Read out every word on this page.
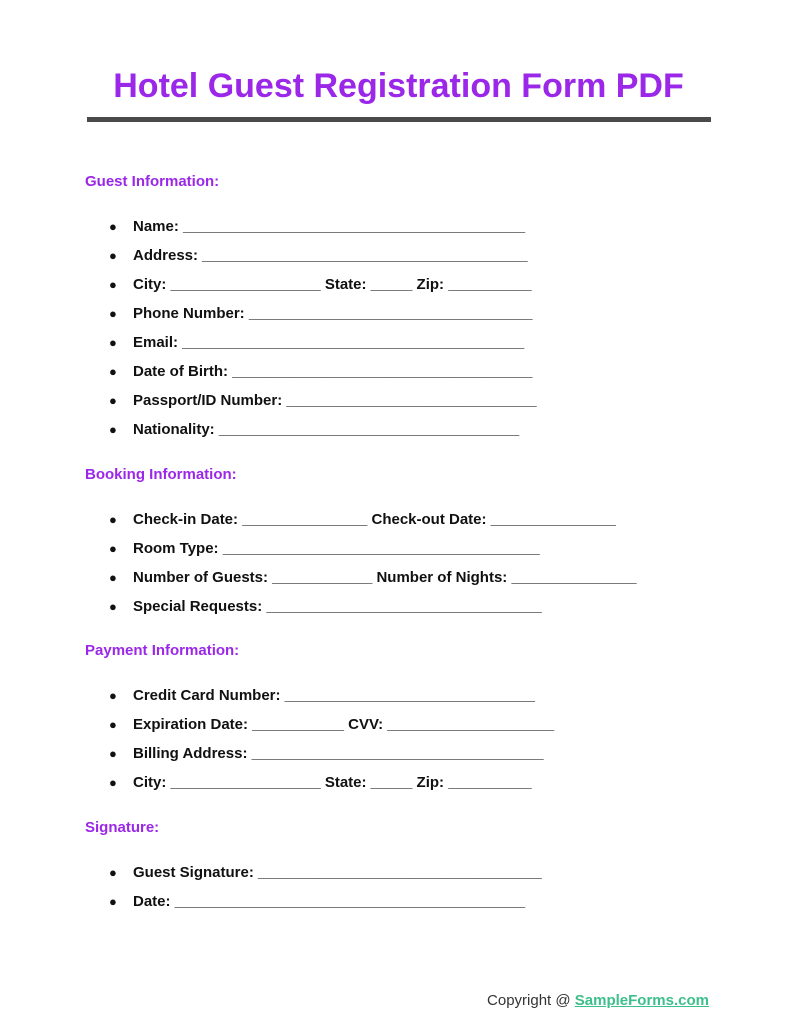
Hotel Guest Registration Form PDF
Guest Information:
● Name: _________________________________________
● Address: _______________________________________
● City: __________________ State: _____ Zip: __________
● Phone Number: __________________________________
● Email: _________________________________________
● Date of Birth: ____________________________________
● Passport/ID Number: ______________________________
● Nationality: ____________________________________
Booking Information:
● Check-in Date: _______________ Check-out Date: _______________
● Room Type: ______________________________________
● Number of Guests: ____________ Number of Nights: _______________
● Special Requests: _________________________________
Payment Information:
● Credit Card Number: ______________________________
● Expiration Date: ___________ CVV: ____________________
● Billing Address: ___________________________________
● City: __________________ State: _____ Zip: __________
Signature:
● Guest Signature: __________________________________
● Date: __________________________________________
Copyright @ SampleForms.com
